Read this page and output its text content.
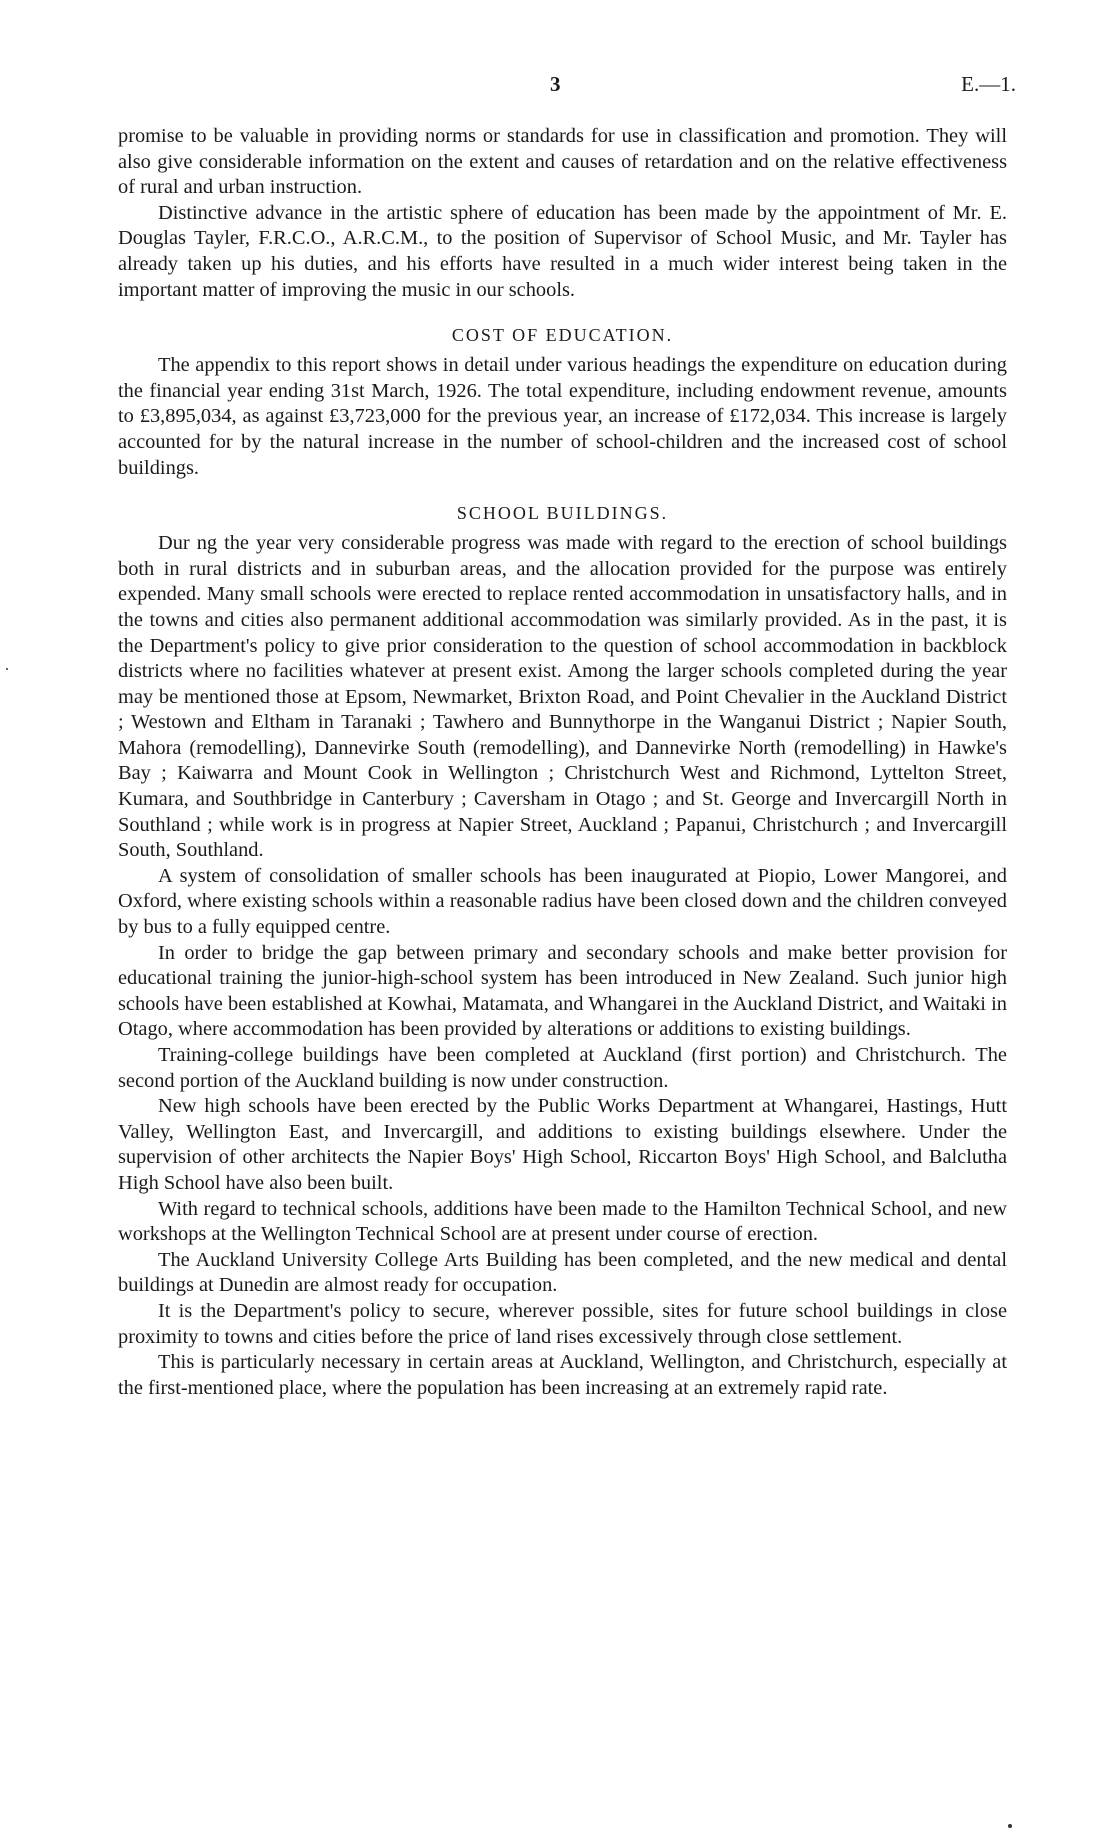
3	E.—1.

promise to be valuable in providing norms or standards for use in classification and promotion. They will also give considerable information on the extent and causes of retardation and on the relative effectiveness of rural and urban instruction.

Distinctive advance in the artistic sphere of education has been made by the appointment of Mr. E. Douglas Tayler, F.R.C.O., A.R.C.M., to the position of Supervisor of School Music, and Mr. Tayler has already taken up his duties, and his efforts have resulted in a much wider interest being taken in the important matter of improving the music in our schools.

COST OF EDUCATION.

The appendix to this report shows in detail under various headings the expenditure on education during the financial year ending 31st March, 1926. The total expenditure, including endowment revenue, amounts to £3,895,034, as against £3,723,000 for the previous year, an increase of £172,034. This increase is largely accounted for by the natural increase in the number of school-children and the increased cost of school buildings.

SCHOOL BUILDINGS.

Dur ng the year very considerable progress was made with regard to the erection of school buildings both in rural districts and in suburban areas, and the allocation provided for the purpose was entirely expended. Many small schools were erected to replace rented accommodation in unsatisfactory halls, and in the towns and cities also permanent additional accommodation was similarly provided. As in the past, it is the Department's policy to give prior consideration to the question of school accommodation in backblock districts where no facilities whatever at present exist. Among the larger schools completed during the year may be mentioned those at Epsom, Newmarket, Brixton Road, and Point Chevalier in the Auckland District ; Westown and Eltham in Taranaki ; Tawhero and Bunnythorpe in the Wanganui District ; Napier South, Mahora (remodelling), Dannevirke South (remodelling), and Dannevirke North (remodelling) in Hawke's Bay ; Kaiwarra and Mount Cook in Wellington ; Christchurch West and Richmond, Lyttelton Street, Kumara, and Southbridge in Canterbury ; Caversham in Otago ; and St. George and Invercargill North in Southland ; while work is in progress at Napier Street, Auckland ; Papanui, Christchurch ; and Invercargill South, Southland.

A system of consolidation of smaller schools has been inaugurated at Piopio, Lower Mangorei, and Oxford, where existing schools within a reasonable radius have been closed down and the children conveyed by bus to a fully equipped centre.

In order to bridge the gap between primary and secondary schools and make better provision for educational training the junior-high-school system has been introduced in New Zealand. Such junior high schools have been established at Kowhai, Matamata, and Whangarei in the Auckland District, and Waitaki in Otago, where accommodation has been provided by alterations or additions to existing buildings.

Training-college buildings have been completed at Auckland (first portion) and Christchurch. The second portion of the Auckland building is now under construction.

New high schools have been erected by the Public Works Department at Whangarei, Hastings, Hutt Valley, Wellington East, and Invercargill, and additions to existing buildings elsewhere. Under the supervision of other architects the Napier Boys' High School, Riccarton Boys' High School, and Balclutha High School have also been built.

With regard to technical schools, additions have been made to the Hamilton Technical School, and new workshops at the Wellington Technical School are at present under course of erection.

The Auckland University College Arts Building has been completed, and the new medical and dental buildings at Dunedin are almost ready for occupation.

It is the Department's policy to secure, wherever possible, sites for future school buildings in close proximity to towns and cities before the price of land rises excessively through close settlement.

This is particularly necessary in certain areas at Auckland, Wellington, and Christchurch, especially at the first-mentioned place, where the population has been increasing at an extremely rapid rate.
